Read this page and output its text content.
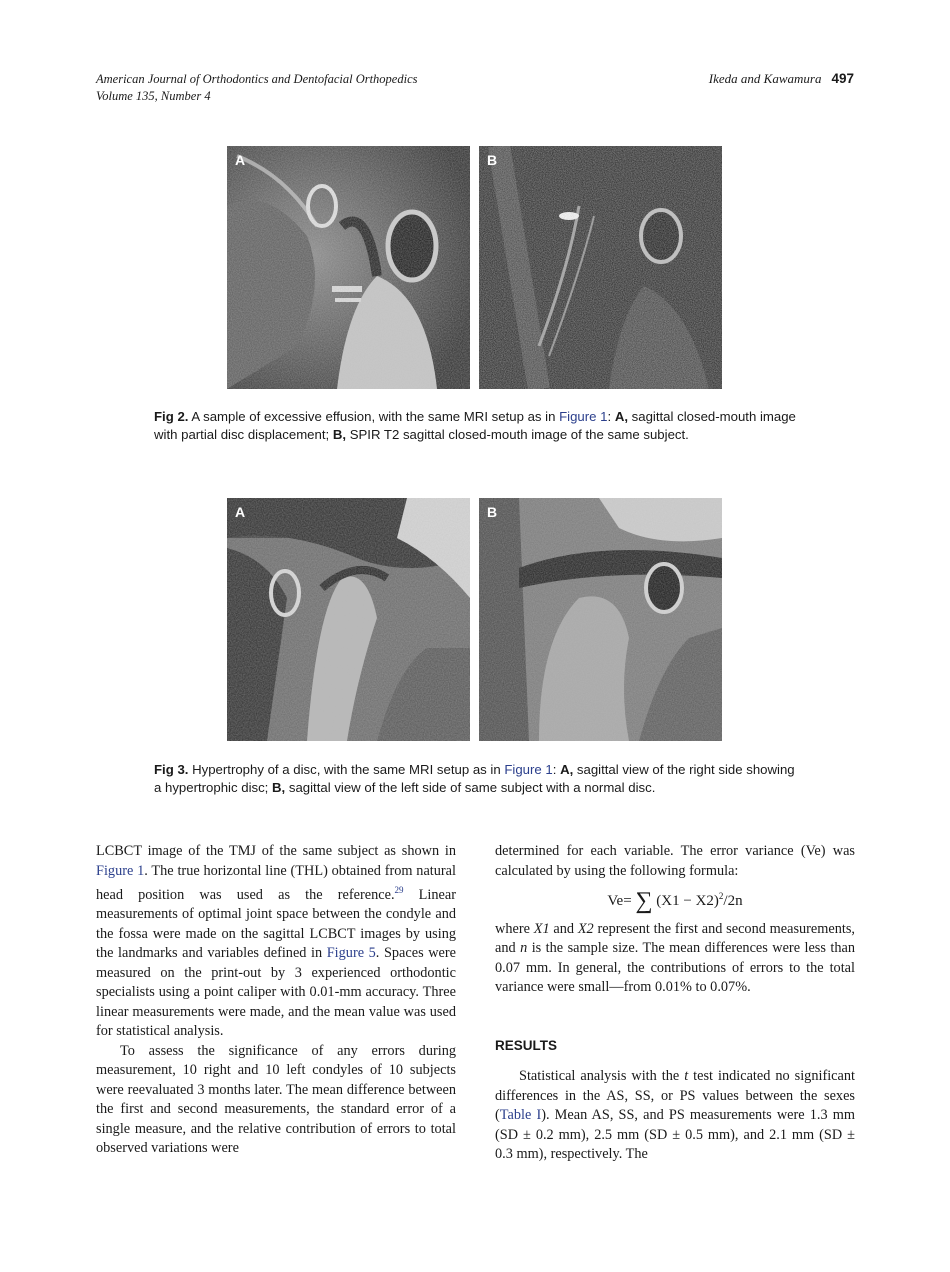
American Journal of Orthodontics and Dentofacial Orthopedics
Volume 135, Number 4
Ikeda and Kawamura 497
A	B
Fig 2. A sample of excessive effusion, with the same MRI setup as in Figure 1: A, sagittal closed-mouth image with partial disc displacement; B, SPIR T2 sagittal closed-mouth image of the same subject.
A	B
Fig 3. Hypertrophy of a disc, with the same MRI setup as in Figure 1: A, sagittal view of the right side showing a hypertrophic disc; B, sagittal view of the left side of same subject with a normal disc.

LCBCT image of the TMJ of the same subject as shown in Figure 1. The true horizontal line (THL) obtained from natural head position was used as the reference.$^{29}$ Linear measurements of optimal joint space between the condyle and the fossa were made on the sagittal LCBCT images by using the landmarks and variables defined in Figure 5. Spaces were measured on the print-out by 3 experienced orthodontic specialists using a point caliper with 0.01-mm accuracy. Three linear measurements were made, and the mean value was used for statistical analysis.

To assess the significance of any errors during measurement, 10 right and 10 left condyles of 10 subjects were reevaluated 3 months later. The mean difference between the first and second measurements, the standard error of a single measure, and the relative contribution of errors to total observed variations were

determined for each variable. The error variance (Ve) was calculated by using the following formula:

Ve= ∑ $(X1 - X2)^2/2n$

where X1 and X2 represent the first and second measurements, and n is the sample size. The mean differences were less than 0.07 mm. In general, the contributions of errors to the total variance were small—from 0.01% to 0.07%.

RESULTS

Statistical analysis with the t test indicated no significant differences in the AS, SS, or PS values between the sexes (Table I). Mean AS, SS, and PS measurements were 1.3 mm (SD ± 0.2 mm), 2.5 mm (SD ± 0.5 mm), and 2.1 mm (SD ± 0.3 mm), respectively. The
